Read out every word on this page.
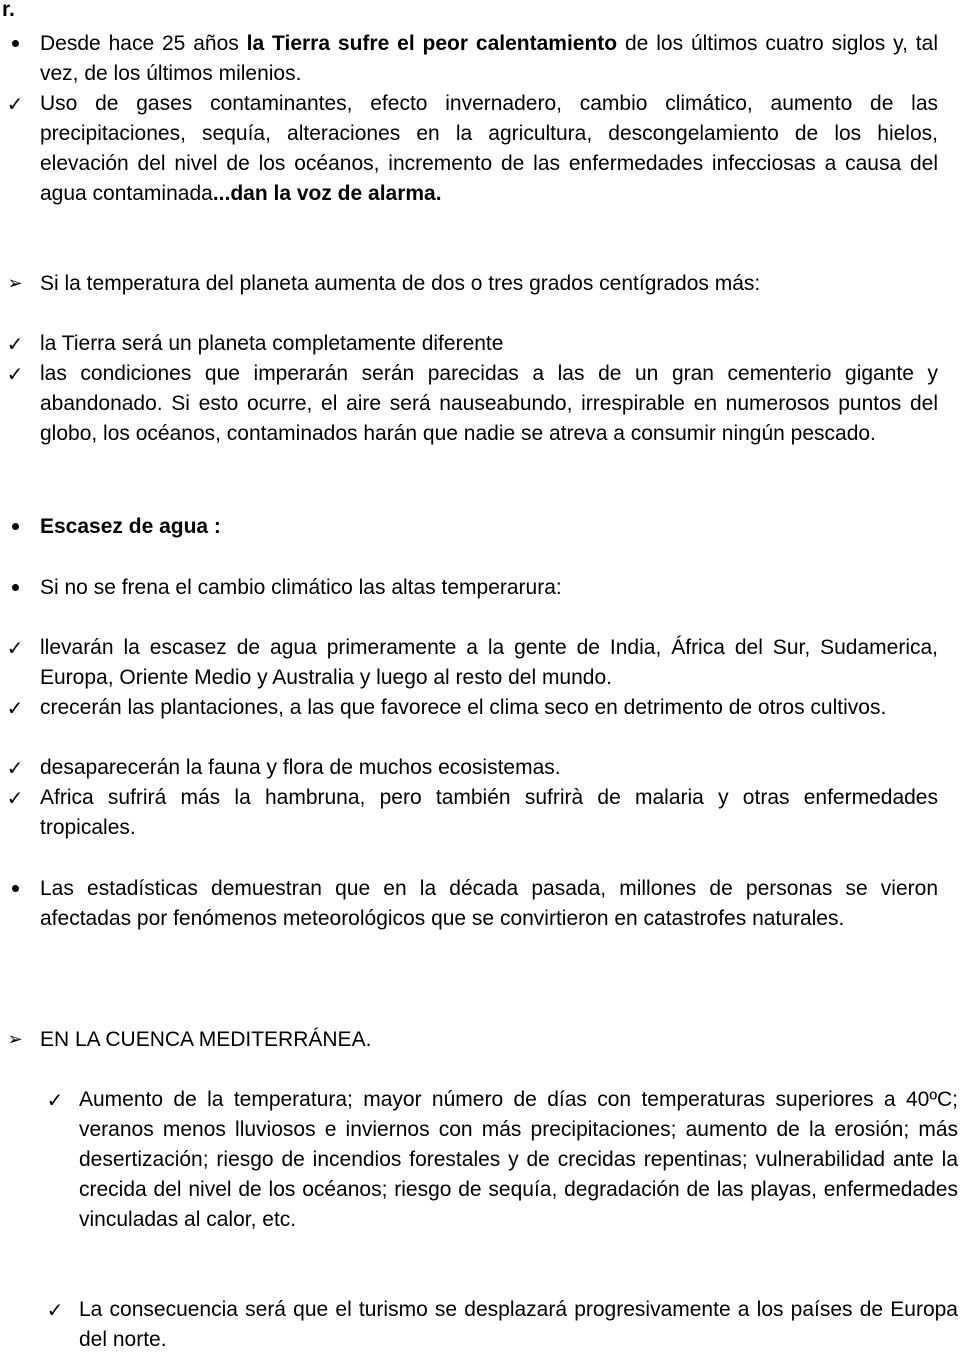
r.
Desde hace 25 años la Tierra sufre el peor calentamiento de los últimos cuatro siglos y, tal vez, de los últimos milenios.
✓ Uso de gases contaminantes, efecto invernadero, cambio climático, aumento de las precipitaciones, sequía, alteraciones en la agricultura, descongelamiento de los hielos, elevación del nivel de los océanos, incremento de las enfermedades infecciosas a causa del agua contaminada...dan la voz de alarma.
➢ Si la temperatura del planeta aumenta de dos o tres grados centígrados más:
✓ la Tierra será un planeta completamente diferente
✓ las condiciones que imperarán serán parecidas a las de un gran cementerio gigante y abandonado. Si esto ocurre, el aire será nauseabundo, irrespirable en numerosos puntos del globo, los océanos, contaminados harán que nadie se atreva a consumir ningún pescado.
Escasez de agua :
Si no se frena el cambio climático las altas temperarura:
✓ llevarán la escasez de agua primeramente a la gente de India, África del Sur, Sudamerica, Europa, Oriente Medio y Australia y luego al resto del mundo.
✓ crecerán las plantaciones, a las que favorece el clima seco en detrimento de otros cultivos.
✓ desaparecerán la fauna y flora de muchos ecosistemas.
✓ Africa sufrirá más la hambruna, pero también sufrirà de malaria y otras enfermedades tropicales.
Las estadísticas demuestran que en la década pasada, millones de personas se vieron afectadas por fenómenos meteorológicos que se convirtieron en catastrofes naturales.
➢ EN LA CUENCA MEDITERRÁNEA.
✓ Aumento de la temperatura; mayor número de días con temperaturas superiores a 40ºC; veranos menos lluviosos e inviernos con más precipitaciones; aumento de la erosión; más desertización; riesgo de incendios forestales y de crecidas repentinas; vulnerabilidad ante la crecida del nivel de los océanos; riesgo de sequía, degradación de las playas, enfermedades vinculadas al calor, etc.
✓ La consecuencia será que el turismo se desplazará progresivamente a los países de Europa del norte.
